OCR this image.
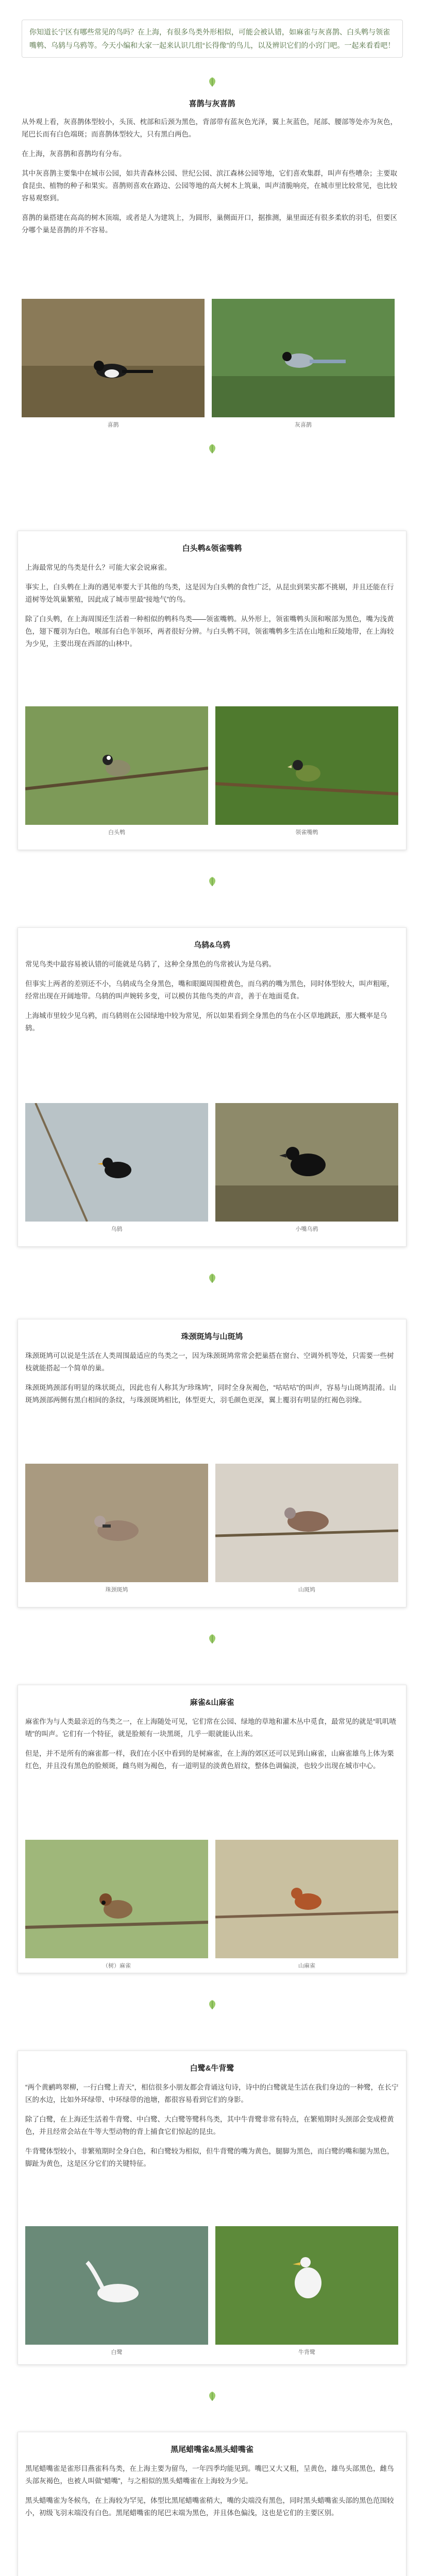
你知道长宁区有哪些常见的鸟吗？在上海，有很多鸟类外形相似，可能会被认错，如麻雀与灰喜鹊、白头鹎与领雀嘴鹎、乌鸫与乌鸦等。今天小编和大家一起来认识几组“长得像”的鸟儿，以及辨识它们的小窍门吧。一起来看看吧！
喜鹊与灰喜鹊

从外观上看，灰喜鹊体型较小，头顶、枕部和后颈为黑色，背部带有蓝灰色光泽，翼上灰蓝色，尾部、腰部等处亦为灰色，尾巴长而有白色端斑；而喜鹊体型较大，只有黑白两色。

在上海，灰喜鹊和喜鹊均有分布。

其中灰喜鹊主要集中在城市公园，如共青森林公园、世纪公园、滨江森林公园等地，它们喜欢集群，叫声有些嘈杂；主要取食昆虫、植物的种子和果实。喜鹊则喜欢在路边、公园等地的高大树木上筑巢，叫声清脆响亮，在城市里比较常见，也比较容易观察到。

喜鹊的巢搭建在高高的树木顶端，或者是人为建筑上，为圆形，巢侧面开口，据推测，巢里面还有很多柔软的羽毛，但要区分哪个巢是喜鹊的并不容易。

喜鹊	灰喜鹊
白头鹎&领雀嘴鹎

上海最常见的鸟类是什么？可能大家会说麻雀。

事实上，白头鹎在上海的遇见率要大于其他的鸟类，这是因为白头鹎的食性广泛，从昆虫到果实都不挑剔，并且还能在行道树等处筑巢繁殖，因此成了城市里最“接地气”的鸟。

除了白头鹎，在上海周围还生活着一种相似的鹎科鸟类——领雀嘴鹎。从外形上，领雀嘴鹎头顶和喉部为黑色，嘴为浅黄色，翅下覆羽为白色，喉部有白色半领环，两者很好分辨。与白头鹎不同，领雀嘴鹎多生活在山地和丘陵地带，在上海较为少见，主要出现在西部的山林中。

白头鹎	领雀嘴鹎
乌鸫&乌鸦

常见鸟类中最容易被认错的可能就是乌鸫了，这种全身黑色的鸟常被认为是乌鸦。

但事实上两者的差别还不小，乌鸫成鸟全身黑色，嘴和眼圈周围橙黄色，而乌鸦的嘴为黑色，同时体型较大，叫声粗哑，经常出现在开阔地带。乌鸫的叫声婉转多变，可以模仿其他鸟类的声音，善于在地面觅食。

上海城市里较少见乌鸦，而乌鸫则在公园绿地中较为常见，所以如果看到全身黑色的鸟在小区草地跳跃，那大概率是乌鸫。

乌鸫	小嘴乌鸦
珠颈斑鸠与山斑鸠

珠颈斑鸠可以说是生活在人类周围最适应的鸟类之一，因为珠颈斑鸠常常会把巢搭在窗台、空调外机等处，只需要一些树枝就能搭起一个简单的巢。

珠颈斑鸠颈部有明显的珠状斑点，因此也有人称其为“珍珠鸠”，同时全身灰褐色，“咕咕咕”的叫声，容易与山斑鸠混淆。山斑鸠颈部两侧有黑白相间的条纹，与珠颈斑鸠相比，体型更大，羽毛颜色更深，翼上覆羽有明显的红褐色羽缘。

珠颈斑鸠	山斑鸠
麻雀&山麻雀

麻雀作为与人类最亲近的鸟类之一，在上海随处可见，它们常在公园、绿地的草地和灌木丛中觅食，最常见的就是“叽叽喳喳”的叫声。它们有一个特征，就是脸颊有一块黑斑，几乎一眼就能认出来。

但是，并不是所有的麻雀都一样，我们在小区中看到的是树麻雀，在上海的郊区还可以见到山麻雀，山麻雀雄鸟上体为栗红色，并且没有黑色的脸颊斑，雌鸟则为褐色，有一道明显的淡黄色眉纹，整体色调偏淡，也较少出现在城市中心。

（树）麻雀	山麻雀
白鹭&牛背鹭

“两个黄鹂鸣翠柳，一行白鹭上青天”，相信很多小朋友都会背诵这句诗，诗中的白鹭就是生活在我们身边的一种鹭，在长宁区的水边，比如外环绿带、中环绿带的池塘，都很容易看到它们的身影。

除了白鹭，在上海还生活着牛背鹭、中白鹭、大白鹭等鹭科鸟类，其中牛背鹭非常有特点，在繁殖期时头颈部会变成橙黄色，并且经常会站在牛等大型动物的背上捕食它们惊起的昆虫。

牛背鹭体型较小，非繁殖期时全身白色，和白鹭较为相似，但牛背鹭的嘴为黄色，腿脚为黑色，而白鹭的嘴和腿为黑色，脚趾为黄色，这是区分它们的关键特征。

白鹭	牛背鹭
黑尾蜡嘴雀&黑头蜡嘴雀

黑尾蜡嘴雀是雀形目燕雀科鸟类，在上海主要为留鸟，一年四季均能见到。嘴巴又大又粗，呈黄色，雄鸟头部黑色，雌鸟头部灰褐色，也被人叫做“蜡嘴”，与之相似的黑头蜡嘴雀在上海较为少见。

黑头蜡嘴雀为冬候鸟，在上海较为罕见，体型比黑尾蜡嘴雀稍大，嘴的尖端没有黑色，同时黑头蜡嘴雀头部的黑色范围较小，初级飞羽末端没有白色。黑尾蜡嘴雀的尾巴末端为黑色，并且体色偏浅，这也是它们的主要区别。
